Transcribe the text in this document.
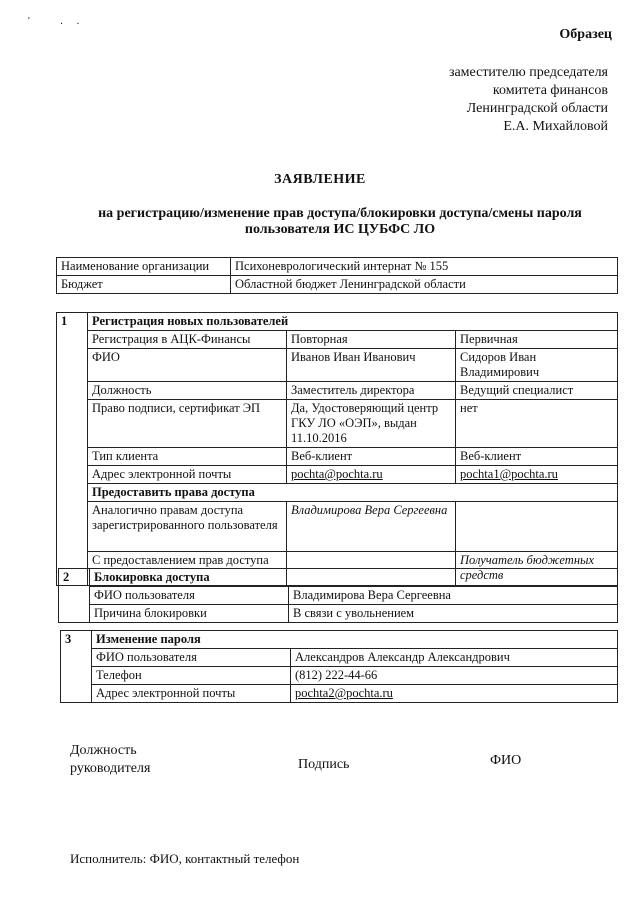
' ..
Образец
заместителю председателя
комитета финансов
Ленинградской области
Е.А. Михайловой
ЗАЯВЛЕНИЕ
на регистрацию/изменение прав доступа/блокировки доступа/смены пароля
пользователя ИС ЦУБФС ЛО
Наименование организации	Психоневрологический интернат № 155
Бюджет	Областной бюджет Ленинградской области
1	Регистрация новых пользователей		
	Регистрация в АЦК-Финансы	Повторная	Первичная
	ФИО	Иванов Иван Иванович	Сидоров Иван Владимирович
	Должность	Заместитель директора	Ведущий специалист
	Право подписи, сертификат ЭП	Да, Удостоверяющий центр ГКУ ЛО «ОЭП», выдан 11.10.2016	нет
	Тип клиента	Веб-клиент	Веб-клиент
	Адрес электронной почты	pochta@pochta.ru	pochta1@pochta.ru
	Предоставить права доступа		
	Аналогично правам доступа зарегистрированного пользователя	Владимирова Вера Сергеевна	
	С предоставлением прав доступа		Получатель бюджетных средств
2	Блокировка доступа	
	ФИО пользователя	Владимирова Вера Сергеевна
	Причина блокировки	В связи с увольнением
3	Изменение пароля	
	ФИО пользователя	Александров Александр Александрович
	Телефон	(812) 222-44-66
	Адрес электронной почты	pochta2@pochta.ru
Должность
руководителя	Подпись	ФИО
Исполнитель: ФИО, контактный телефон
